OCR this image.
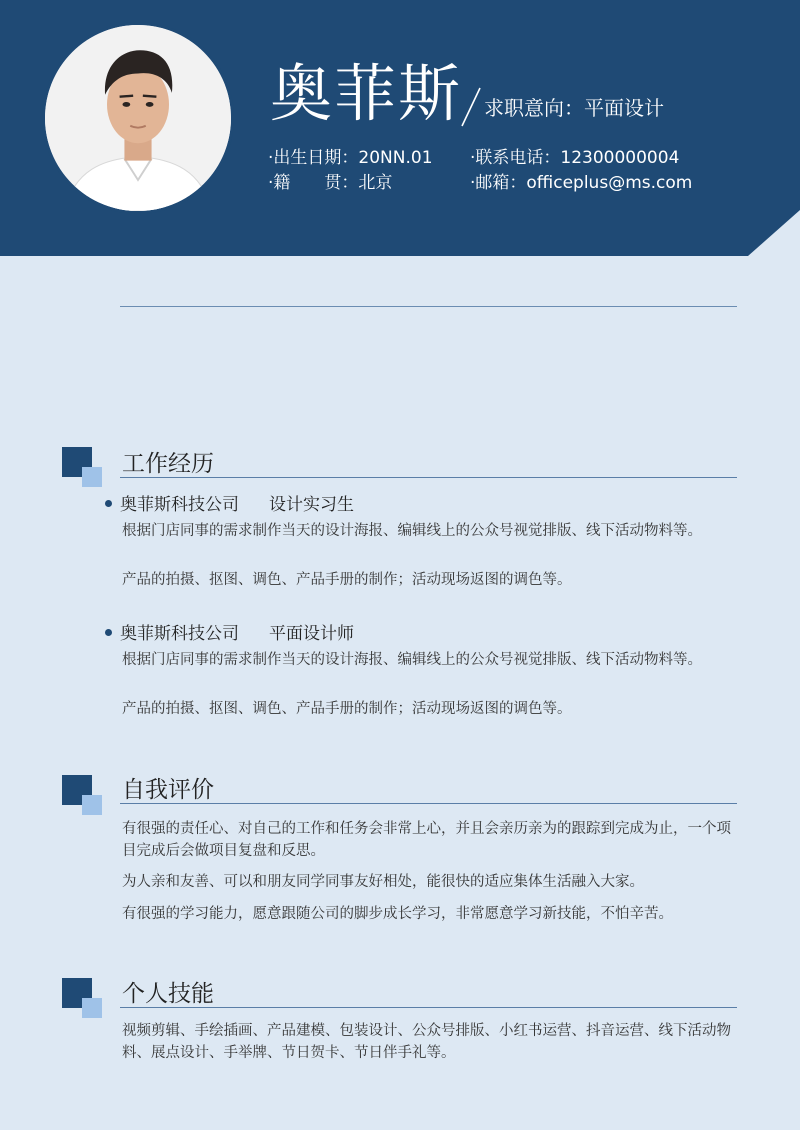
奥菲斯 求职意向：平面设计
·出生日期：20NN.01 ·联系电话：12300000004
·籍　　贯：北京	·邮箱：officeplus@ms.com
工作经历
奥菲斯科技公司 设计实习生
根据门店同事的需求制作当天的设计海报、编辑线上的公众号视觉排版、线下活动物料等。
产品的拍摄、抠图、调色、产品手册的制作；活动现场返图的调色等。
奥菲斯科技公司 平面设计师
根据门店同事的需求制作当天的设计海报、编辑线上的公众号视觉排版、线下活动物料等。
产品的拍摄、抠图、调色、产品手册的制作；活动现场返图的调色等。
自我评价
有很强的责任心、对自己的工作和任务会非常上心，并且会亲历亲为的跟踪到完成为止，一个项目完成后会做项目复盘和反思。
为人亲和友善、可以和朋友同学同事友好相处，能很快的适应集体生活融入大家。
有很强的学习能力，愿意跟随公司的脚步成长学习，非常愿意学习新技能，不怕辛苦。
个人技能
视频剪辑、手绘插画、产品建模、包装设计、公众号排版、小红书运营、抖音运营、线下活动物料、展点设计、手举牌、节日贺卡、节日伴手礼等。
